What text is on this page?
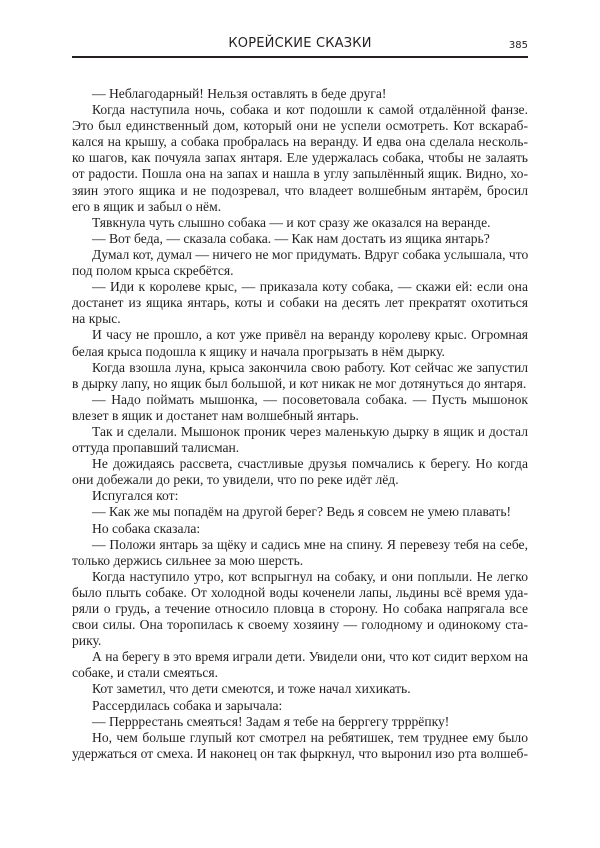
КОРЕЙСКИЕ СКАЗКИ	385
— Неблагодарный! Нельзя оставлять в беде друга!
Когда наступила ночь, собака и кот подошли к самой отдалённой фанзе.
Это был единственный дом, который они не успели осмотреть. Кот вскараб-
кался на крышу, а собака пробралась на веранду. И едва она сделала несколь-
ко шагов, как почуяла запах янтаря. Еле удержалась собака, чтобы не залаять
от радости. Пошла она на запах и нашла в углу запылённый ящик. Видно, хо-
зяин этого ящика и не подозревал, что владеет волшебным янтарём, бросил
его в ящик и забыл о нём.
Тявкнула чуть слышно собака — и кот сразу же оказался на веранде.
— Вот беда, — сказала собака. — Как нам достать из ящика янтарь?
Думал кот, думал — ничего не мог придумать. Вдруг собака услышала, что
под полом крыса скребётся.
— Иди к королеве крыс, — приказала коту собака, — скажи ей: если она
достанет из ящика янтарь, коты и собаки на десять лет прекратят охотиться
на крыс.
И часу не прошло, а кот уже привёл на веранду королеву крыс. Огромная
белая крыса подошла к ящику и начала прогрызать в нём дырку.
Когда взошла луна, крыса закончила свою работу. Кот сейчас же запустил
в дырку лапу, но ящик был большой, и кот никак не мог дотянуться до янтаря.
— Надо поймать мышонка, — посоветовала собака. — Пусть мышонок
влезет в ящик и достанет нам волшебный янтарь.
Так и сделали. Мышонок проник через маленькую дырку в ящик и достал
оттуда пропавший талисман.
Не дожидаясь рассвета, счастливые друзья помчались к берегу. Но когда
они добежали до реки, то увидели, что по реке идёт лёд.
Испугался кот:
— Как же мы попадём на другой берег? Ведь я совсем не умею плавать!
Но собака сказала:
— Положи янтарь за щёку и садись мне на спину. Я перевезу тебя на себе,
только держись сильнее за мою шерсть.
Когда наступило утро, кот вспрыгнул на собаку, и они поплыли. Не легко
было плыть собаке. От холодной воды коченели лапы, льдины всё время уда-
ряли о грудь, а течение относило пловца в сторону. Но собака напрягала все
свои силы. Она торопилась к своему хозяину — голодному и одинокому ста-
рику.
А на берегу в это время играли дети. Увидели они, что кот сидит верхом на
собаке, и стали смеяться.
Кот заметил, что дети смеются, и тоже начал хихикать.
Рассердилась собака и зарычала:
— Перррестань смеяться! Задам я тебе на берргегу трррёпку!
Но, чем больше глупый кот смотрел на ребятишек, тем труднее ему было
удержаться от смеха. И наконец он так фыркнул, что выронил изо рта волшеб-
